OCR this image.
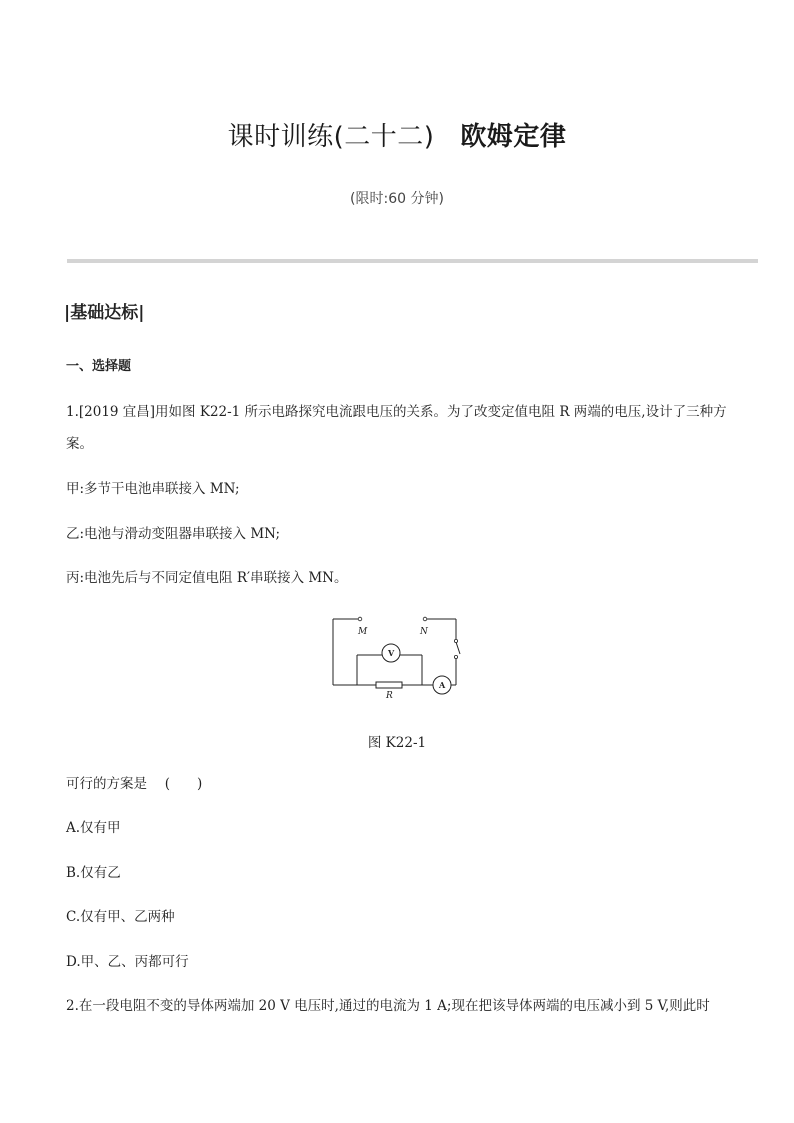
课时训练(二十二) 欧姆定律
(限时:60 分钟)
|基础达标|
一、选择题
1.[2019 宜昌]用如图 K22-1 所示电路探究电流跟电压的关系。为了改变定值电阻 R 两端的电压,设计了三种方
案。
甲:多节干电池串联接入 MN;
乙:电池与滑动变阻器串联接入 MN;
丙:电池先后与不同定值电阻 R′串联接入 MN。
M	N
V
A
R
图 K22-1
可行的方案是　 (　　)
A.仅有甲
B.仅有乙
C.仅有甲、乙两种
D.甲、乙、丙都可行
2.在一段电阻不变的导体两端加 20 V 电压时,通过的电流为 1 A;现在把该导体两端的电压减小到 5 V,则此时
